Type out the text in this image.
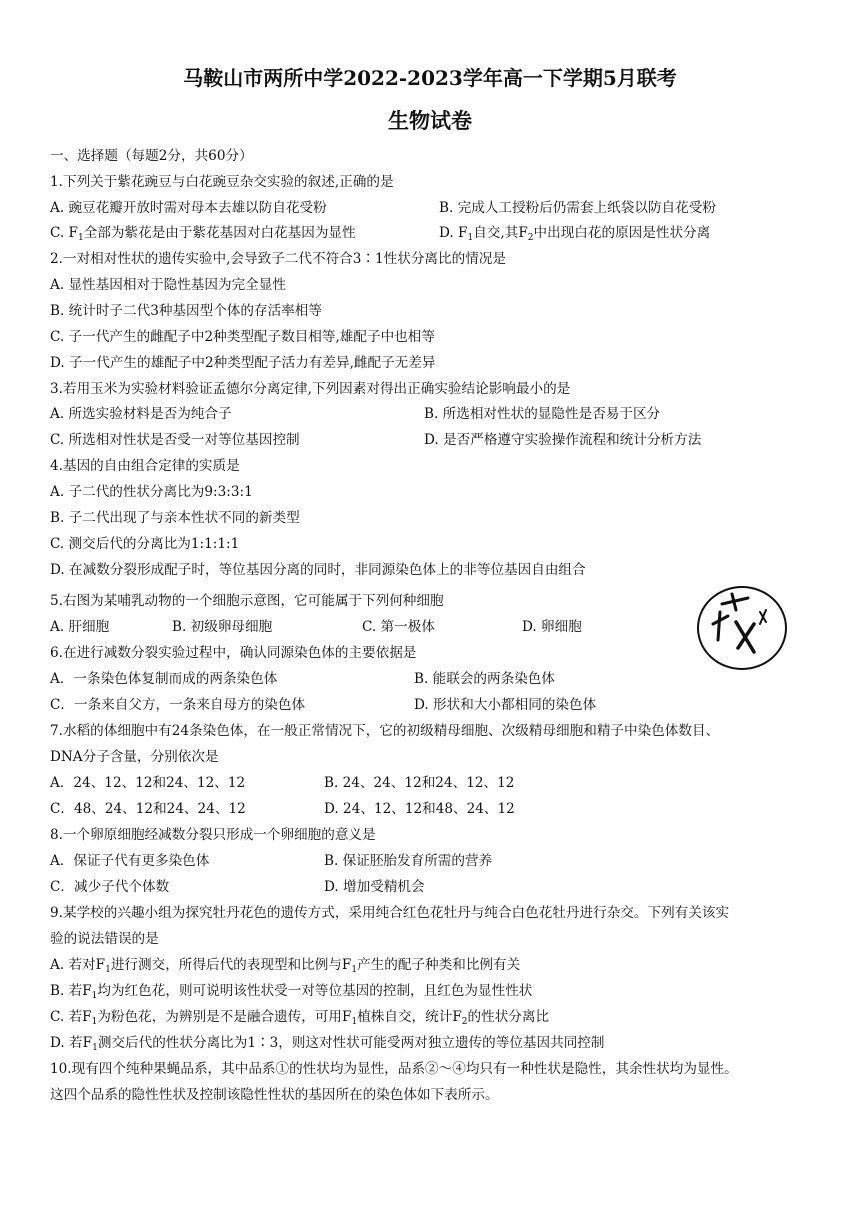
马鞍山市两所中学2022-2023学年高一下学期5月联考
生物试卷
一、选择题（每题2分，共60分）
1.下列关于紫花豌豆与白花豌豆杂交实验的叙述,正确的是
A. 豌豆花瓣开放时需对母本去雄以防自花受粉	B. 完成人工授粉后仍需套上纸袋以防自花受粉
C. $F_1$全部为紫花是由于紫花基因对白花基因为显性	D. $F_1$自交,其$F_2$中出现白花的原因是性状分离
2.一对相对性状的遗传实验中,会导致子二代不符合3∶1性状分离比的情况是
A. 显性基因相对于隐性基因为完全显性
B. 统计时子二代3种基因型个体的存活率相等
C. 子一代产生的雌配子中2种类型配子数目相等,雄配子中也相等
D. 子一代产生的雄配子中2种类型配子活力有差异,雌配子无差异
3.若用玉米为实验材料验证孟德尔分离定律,下列因素对得出正确实验结论影响最小的是
A. 所选实验材料是否为纯合子	B. 所选相对性状的显隐性是否易于区分
C. 所选相对性状是否受一对等位基因控制	D. 是否严格遵守实验操作流程和统计分析方法
4.基因的自由组合定律的实质是
A. 子二代的性状分离比为9:3:3:1
B. 子二代出现了与亲本性状不同的新类型
C. 测交后代的分离比为1:1:1:1
D. 在减数分裂形成配子时，等位基因分离的同时，非同源染色体上的非等位基因自由组合
5.右图为某哺乳动物的一个细胞示意图，它可能属于下列何种细胞
A. 肝细胞	B. 初级卵母细胞	C. 第一极体	D. 卵细胞
6.在进行减数分裂实验过程中，确认同源染色体的主要依据是
A．一条染色体复制而成的两条染色体	B. 能联会的两条染色体
C．一条来自父方，一条来自母方的染色体	D. 形状和大小都相同的染色体
7.水稻的体细胞中有24条染色体，在一般正常情况下，它的初级精母细胞、次级精母细胞和精子中染色体数目、
DNA分子含量，分别依次是
A．24、12、12和24、12、12	B. 24、24、12和24、12、12
C．48、24、12和24、24、12	D. 24、12、12和48、24、12
8.一个卵原细胞经减数分裂只形成一个卵细胞的意义是
A．保证子代有更多染色体	B. 保证胚胎发育所需的营养
C．减少子代个体数	D. 增加受精机会
9.某学校的兴趣小组为探究牡丹花色的遗传方式，采用纯合红色花牡丹与纯合白色花牡丹进行杂交。下列有关该实
验的说法错误的是
A. 若对$F_1$进行测交，所得后代的表现型和比例与$F_1$产生的配子种类和比例有关
B. 若$F_1$均为红色花，则可说明该性状受一对等位基因的控制，且红色为显性性状
C. 若$F_1$为粉色花，为辨别是不是融合遗传，可用$F_1$植株自交，统计$F_2$的性状分离比
D. 若$F_1$测交后代的性状分离比为1∶3，则这对性状可能受两对独立遗传的等位基因共同控制
10.现有四个纯种果蝇品系，其中品系①的性状均为显性，品系②～④均只有一种性状是隐性，其余性状均为显性。
这四个品系的隐性性状及控制该隐性性状的基因所在的染色体如下表所示。
